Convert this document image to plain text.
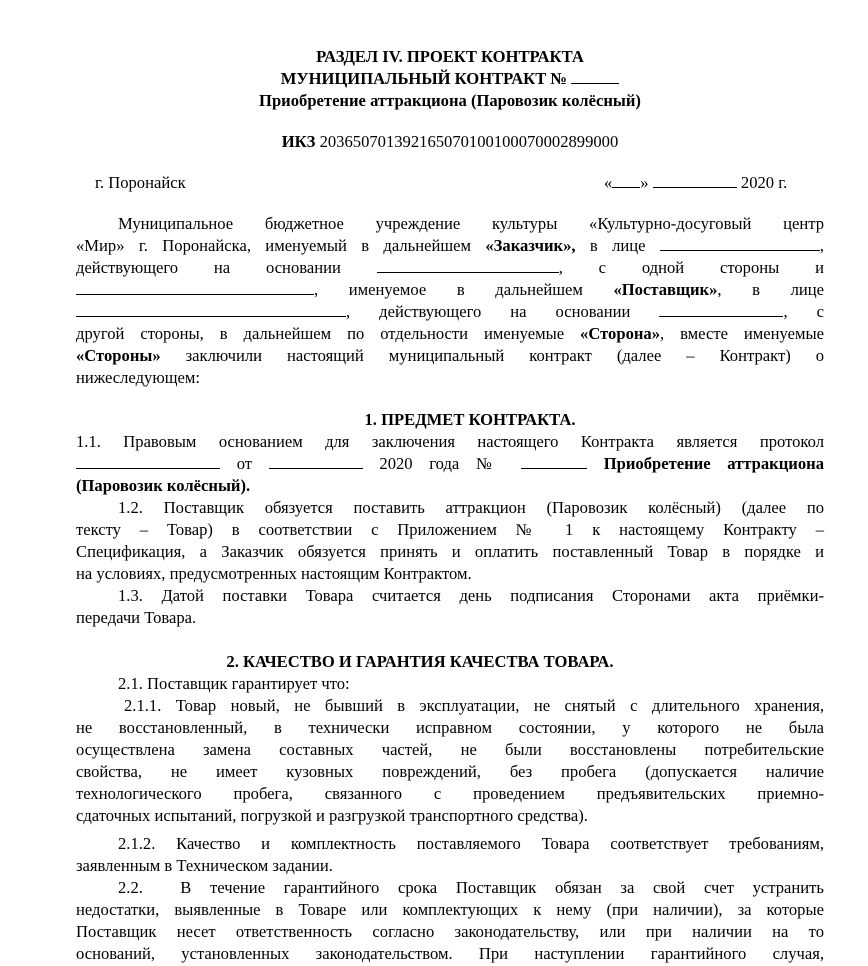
РАЗДЕЛ IV. ПРОЕКТ КОНТРАКТА
МУНИЦИПАЛЬНЫЙ КОНТРАКТ №
Приобретение аттракциона (Паровозик колёсный)
ИКЗ 203650701392165070100100070002899000
г. Поронайск	« »	2020 г.
Муниципальное бюджетное учреждение культуры «Культурно-досуговый центр
«Мир» г. Поронайска, именуемый в дальнейшем «Заказчик», в лице	,
действующего на основании	, с одной стороны и
, именуемое в дальнейшем «Поставщик», в лице
, действующего на основании	, с
другой стороны, в дальнейшем по отдельности именуемые «Сторона», вместе именуемые
«Стороны» заключили настоящий муниципальный контракт (далее – Контракт) о
нижеследующем:
1. ПРЕДМЕТ КОНТРАКТА.
1.1. Правовым основанием для заключения настоящего Контракта является протокол
от	2020 года №	Приобретение аттракциона
(Паровозик колёсный).
1.2. Поставщик обязуется поставить аттракцион (Паровозик колёсный) (далее по
тексту – Товар) в соответствии с Приложением № 1 к настоящему Контракту –
Спецификация, а Заказчик обязуется принять и оплатить поставленный Товар в порядке и
на условиях, предусмотренных настоящим Контрактом.
1.3. Датой поставки Товара считается день подписания Сторонами акта приёмки-
передачи Товара.
2. КАЧЕСТВО И ГАРАНТИЯ КАЧЕСТВА ТОВАРА.
2.1. Поставщик гарантирует что:
2.1.1. Товар новый, не бывший в эксплуатации, не снятый с длительного хранения,
не восстановленный, в технически исправном состоянии, у которого не была
осуществлена замена составных частей, не были восстановлены потребительские
свойства, не имеет кузовных повреждений, без пробега (допускается наличие
технологического пробега, связанного с проведением предъявительских приемно-
сдаточных испытаний, погрузкой и разгрузкой транспортного средства).
2.1.2. Качество и комплектность поставляемого Товара соответствует требованиям,
заявленным в Техническом задании.
2.2.  В течение гарантийного срока Поставщик обязан за свой счет устранить
недостатки, выявленные в Товаре или комплектующих к нему (при наличии), за которые
Поставщик несет ответственность согласно законодательству, или при наличии на то
оснований, установленных законодательством. При наступлении гарантийного случая,
